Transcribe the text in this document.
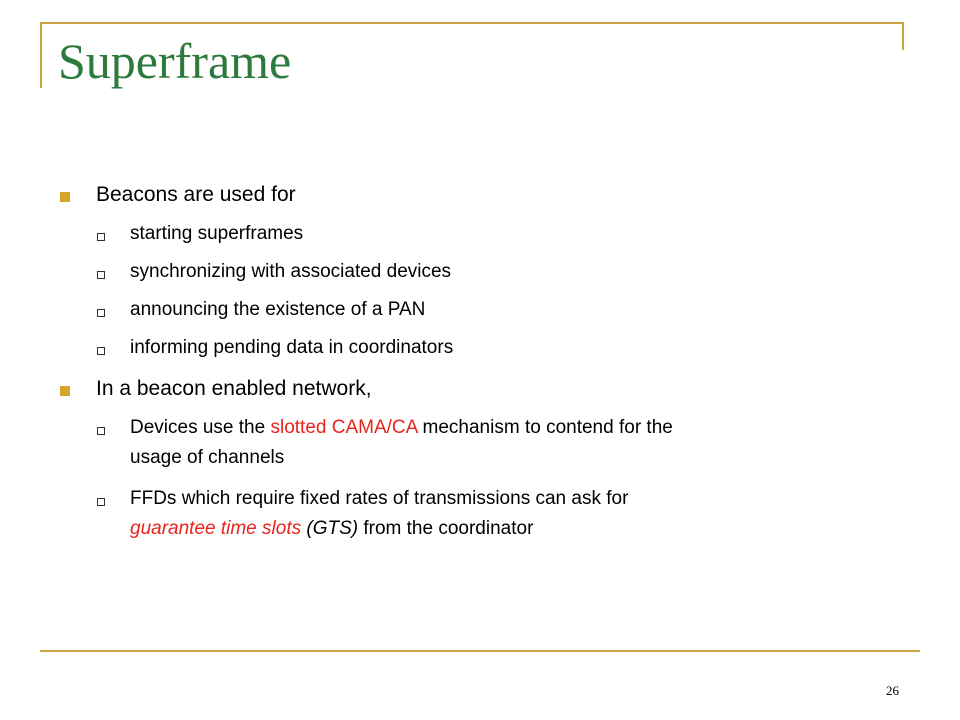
Superframe
Beacons are used for
starting superframes
synchronizing with associated devices
announcing the existence of a PAN
informing pending data in coordinators
In a beacon enabled network,
Devices use the slotted CAMA/CA mechanism to contend for the
usage of channels
FFDs which require fixed rates of transmissions can ask for
guarantee time slots (GTS) from the coordinator
26
